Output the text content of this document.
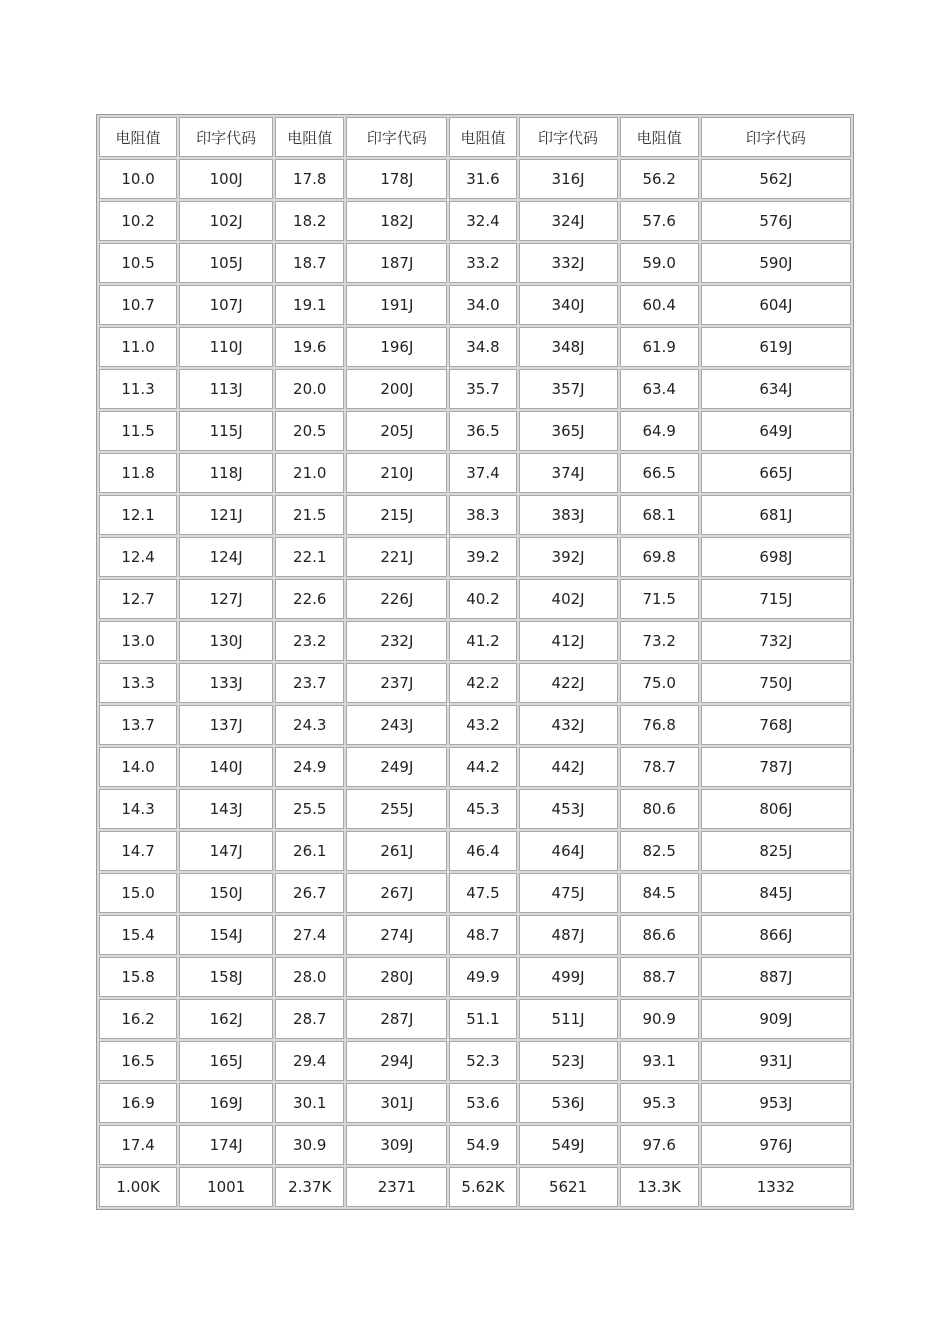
电阻值	印字代码	电阻值	印字代码	电阻值	印字代码	电阻值	印字代码
10.0	100J	17.8	178J	31.6	316J	56.2	562J
10.2	102J	18.2	182J	32.4	324J	57.6	576J
10.5	105J	18.7	187J	33.2	332J	59.0	590J
10.7	107J	19.1	191J	34.0	340J	60.4	604J
11.0	110J	19.6	196J	34.8	348J	61.9	619J
11.3	113J	20.0	200J	35.7	357J	63.4	634J
11.5	115J	20.5	205J	36.5	365J	64.9	649J
11.8	118J	21.0	210J	37.4	374J	66.5	665J
12.1	121J	21.5	215J	38.3	383J	68.1	681J
12.4	124J	22.1	221J	39.2	392J	69.8	698J
12.7	127J	22.6	226J	40.2	402J	71.5	715J
13.0	130J	23.2	232J	41.2	412J	73.2	732J
13.3	133J	23.7	237J	42.2	422J	75.0	750J
13.7	137J	24.3	243J	43.2	432J	76.8	768J
14.0	140J	24.9	249J	44.2	442J	78.7	787J
14.3	143J	25.5	255J	45.3	453J	80.6	806J
14.7	147J	26.1	261J	46.4	464J	82.5	825J
15.0	150J	26.7	267J	47.5	475J	84.5	845J
15.4	154J	27.4	274J	48.7	487J	86.6	866J
15.8	158J	28.0	280J	49.9	499J	88.7	887J
16.2	162J	28.7	287J	51.1	511J	90.9	909J
16.5	165J	29.4	294J	52.3	523J	93.1	931J
16.9	169J	30.1	301J	53.6	536J	95.3	953J
17.4	174J	30.9	309J	54.9	549J	97.6	976J
1.00K	1001	2.37K	2371	5.62K	5621	13.3K	1332
